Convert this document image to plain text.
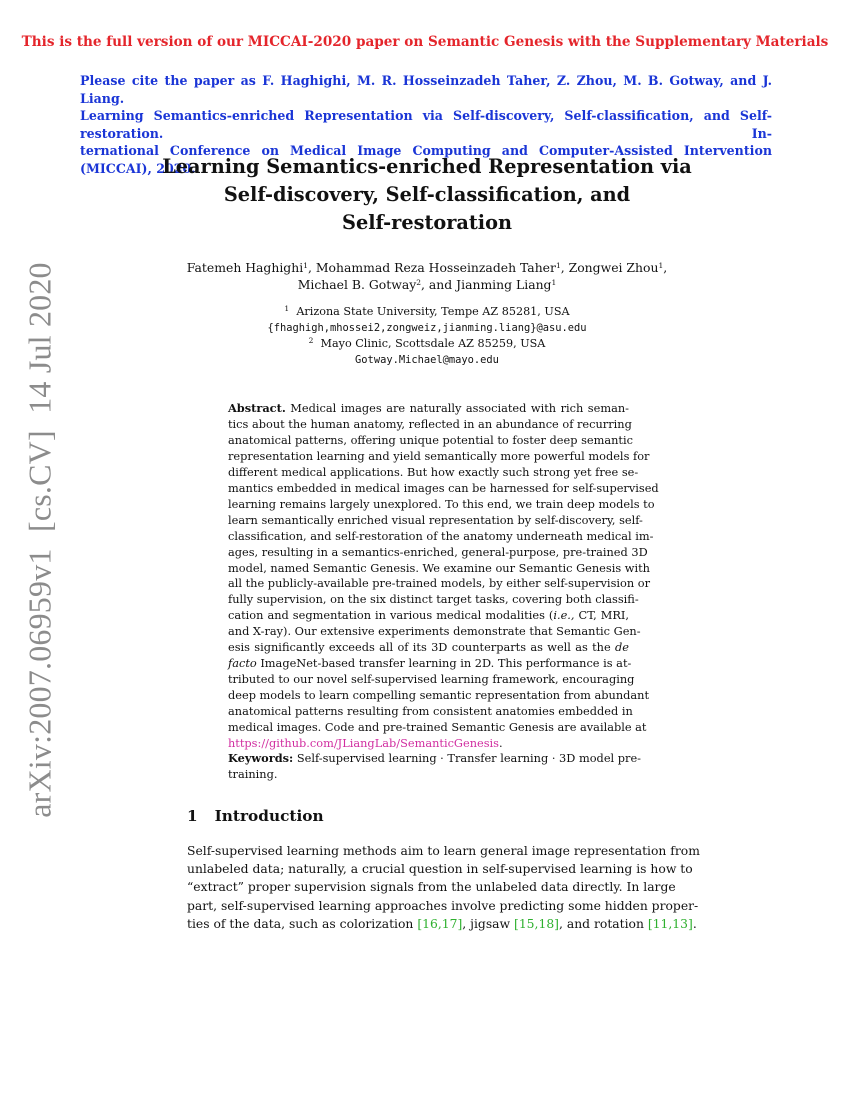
This is the full version of our MICCAI-2020 paper on Semantic Genesis with the Supplementary Materials

Please cite the paper as F. Haghighi, M. R. Hosseinzadeh Taher, Z. Zhou, M. B. Gotway, and J. Liang.
Learning Semantics-enriched Representation via Self-discovery, Self-classification, and Self-restoration. In-
ternational Conference on Medical Image Computing and Computer-Assisted Intervention (MICCAI), 2020.

Learning Semantics-enriched Representation via
Self-discovery, Self-classification, and
Self-restoration
Fatemeh Haghighi$^1$, Mohammad Reza Hosseinzadeh Taher$^1$, Zongwei Zhou$^1$,
Michael B. Gotway$^2$, and Jianming Liang$^1$
$^1$ Arizona State University, Tempe AZ 85281, USA
{fhaghigh,mhossei2,zongweiz,jianming.liang}@asu.edu
$^2$ Mayo Clinic, Scottsdale AZ 85259, USA
Gotway.Michael@mayo.edu
Abstract. Medical images are naturally associated with rich seman-
tics about the human anatomy, reflected in an abundance of recurring
anatomical patterns, offering unique potential to foster deep semantic
representation learning and yield semantically more powerful models for
different medical applications. But how exactly such strong yet free se-
mantics embedded in medical images can be harnessed for self-supervised
learning remains largely unexplored. To this end, we train deep models to
learn semantically enriched visual representation by self-discovery, self-
classification, and self-restoration of the anatomy underneath medical im-
ages, resulting in a semantics-enriched, general-purpose, pre-trained 3D
model, named Semantic Genesis. We examine our Semantic Genesis with
all the publicly-available pre-trained models, by either self-supervision or
fully supervision, on the six distinct target tasks, covering both classifi-
cation and segmentation in various medical modalities (i.e., CT, MRI,
and X-ray). Our extensive experiments demonstrate that Semantic Gen-
esis significantly exceeds all of its 3D counterparts as well as the de
facto ImageNet-based transfer learning in 2D. This performance is at-
tributed to our novel self-supervised learning framework, encouraging
deep models to learn compelling semantic representation from abundant
anatomical patterns resulting from consistent anatomies embedded in
medical images. Code and pre-trained Semantic Genesis are available at
https://github.com/JLiangLab/SemanticGenesis.
Keywords: Self-supervised learning · Transfer learning · 3D model pre-
training.
1 Introduction
Self-supervised learning methods aim to learn general image representation from
unlabeled data; naturally, a crucial question in self-supervised learning is how to
“extract” proper supervision signals from the unlabeled data directly. In large
part, self-supervised learning approaches involve predicting some hidden proper-
ties of the data, such as colorization [16,17], jigsaw [15,18], and rotation [11,13].
arXiv:2007.06959v1  [cs.CV]  14 Jul 2020
